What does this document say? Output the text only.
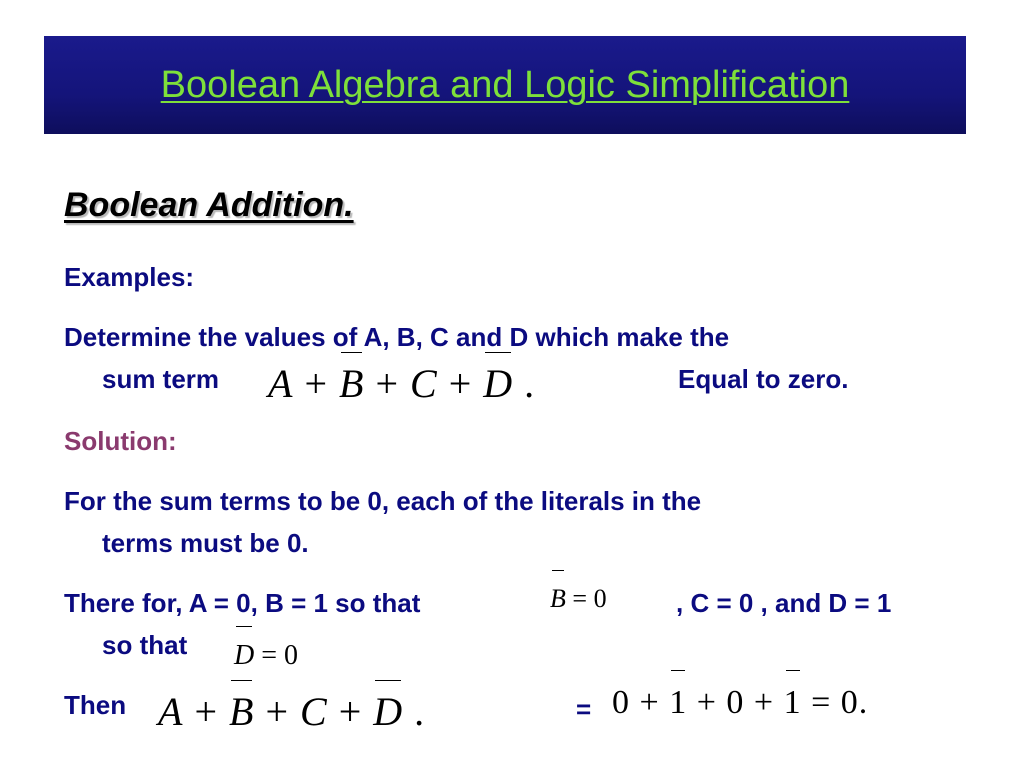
Boolean Algebra and Logic Simplification
Boolean Addition.
Examples:
Determine the values of A, B, C and D which make the
sum term A + B + C + D .	Equal to zero.
Solution:
For the sum terms to be 0, each of the literals in the
terms must be 0.
There for, A = 0, B = 1 so that	B = 0	, C = 0 , and D = 1
so that D = 0
Then A + B + C + D .	= 0 + 1 + 0 + 1 = 0.
